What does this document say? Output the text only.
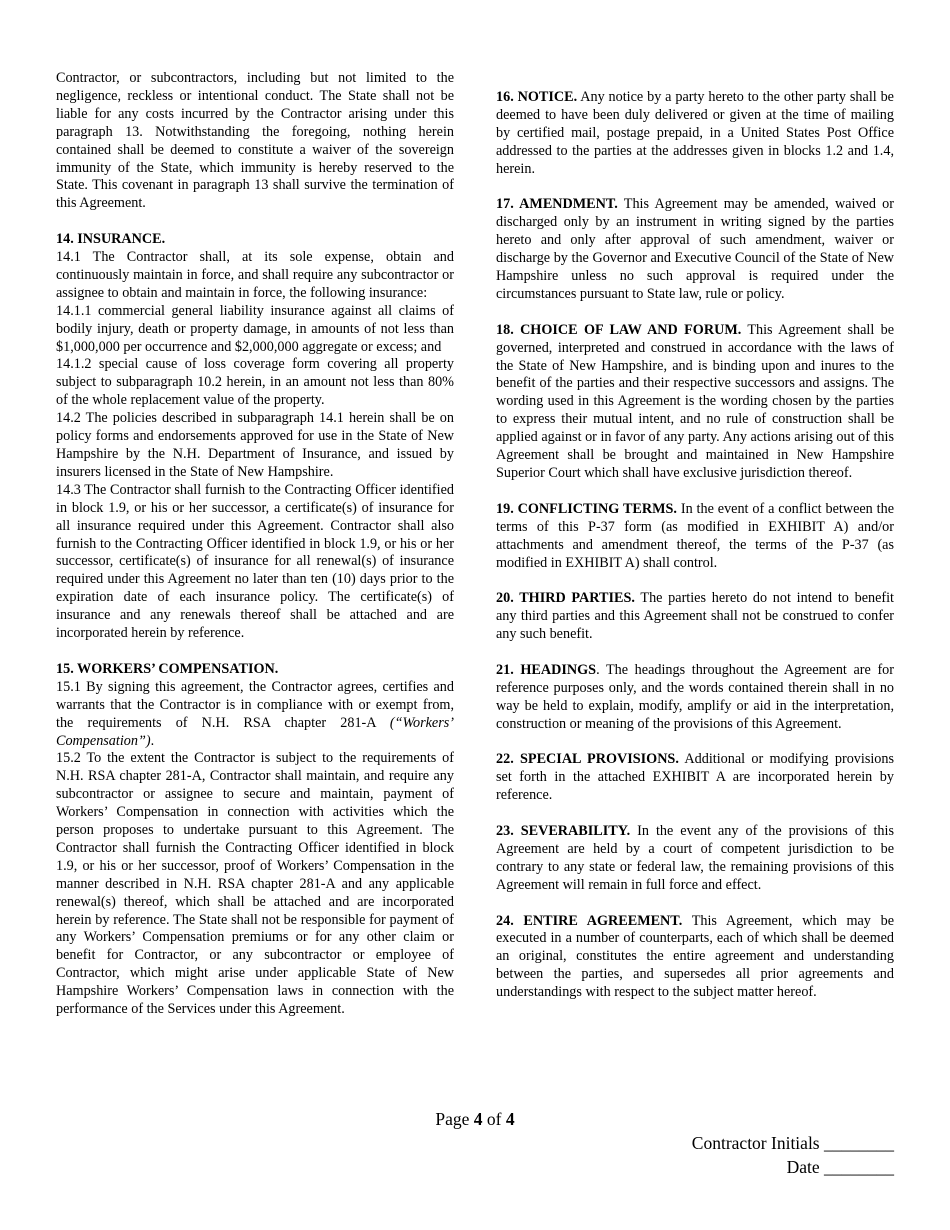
Contractor, or subcontractors, including but not limited to the negligence, reckless or intentional conduct. The State shall not be liable for any costs incurred by the Contractor arising under this paragraph 13. Notwithstanding the foregoing, nothing herein contained shall be deemed to constitute a waiver of the sovereign immunity of the State, which immunity is hereby reserved to the State. This covenant in paragraph 13 shall survive the termination of this Agreement.

14. INSURANCE.

14.1 The Contractor shall, at its sole expense, obtain and continuously maintain in force, and shall require any subcontractor or assignee to obtain and maintain in force, the following insurance:

14.1.1 commercial general liability insurance against all claims of bodily injury, death or property damage, in amounts of not less than $1,000,000 per occurrence and $2,000,000 aggregate or excess; and

14.1.2 special cause of loss coverage form covering all property subject to subparagraph 10.2 herein, in an amount not less than 80% of the whole replacement value of the property.

14.2 The policies described in subparagraph 14.1 herein shall be on policy forms and endorsements approved for use in the State of New Hampshire by the N.H. Department of Insurance, and issued by insurers licensed in the State of New Hampshire.

14.3 The Contractor shall furnish to the Contracting Officer identified in block 1.9, or his or her successor, a certificate(s) of insurance for all insurance required under this Agreement. Contractor shall also furnish to the Contracting Officer identified in block 1.9, or his or her successor, certificate(s) of insurance for all renewal(s) of insurance required under this Agreement no later than ten (10) days prior to the expiration date of each insurance policy. The certificate(s) of insurance and any renewals thereof shall be attached and are incorporated herein by reference.

15. WORKERS’ COMPENSATION.

15.1 By signing this agreement, the Contractor agrees, certifies and warrants that the Contractor is in compliance with or exempt from, the requirements of N.H. RSA chapter 281-A (“Workers’ Compensation”).

15.2 To the extent the Contractor is subject to the requirements of N.H. RSA chapter 281-A, Contractor shall maintain, and require any subcontractor or assignee to secure and maintain, payment of Workers’ Compensation in connection with activities which the person proposes to undertake pursuant to this Agreement. The Contractor shall furnish the Contracting Officer identified in block 1.9, or his or her successor, proof of Workers’ Compensation in the manner described in N.H. RSA chapter 281-A and any applicable renewal(s) thereof, which shall be attached and are incorporated herein by reference. The State shall not be responsible for payment of any Workers’ Compensation premiums or for any other claim or benefit for Contractor, or any subcontractor or employee of Contractor, which might arise under applicable State of New Hampshire Workers’ Compensation laws in connection with the performance of the Services under this Agreement.

16. NOTICE. Any notice by a party hereto to the other party shall be deemed to have been duly delivered or given at the time of mailing by certified mail, postage prepaid, in a United States Post Office addressed to the parties at the addresses given in blocks 1.2 and 1.4, herein.

17. AMENDMENT. This Agreement may be amended, waived or discharged only by an instrument in writing signed by the parties hereto and only after approval of such amendment, waiver or discharge by the Governor and Executive Council of the State of New Hampshire unless no such approval is required under the circumstances pursuant to State law, rule or policy.

18. CHOICE OF LAW AND FORUM. This Agreement shall be governed, interpreted and construed in accordance with the laws of the State of New Hampshire, and is binding upon and inures to the benefit of the parties and their respective successors and assigns. The wording used in this Agreement is the wording chosen by the parties to express their mutual intent, and no rule of construction shall be applied against or in favor of any party. Any actions arising out of this Agreement shall be brought and maintained in New Hampshire Superior Court which shall have exclusive jurisdiction thereof.

19. CONFLICTING TERMS. In the event of a conflict between the terms of this P-37 form (as modified in EXHIBIT A) and/or attachments and amendment thereof, the terms of the P-37 (as modified in EXHIBIT A) shall control.

20. THIRD PARTIES. The parties hereto do not intend to benefit any third parties and this Agreement shall not be construed to confer any such benefit.

21. HEADINGS. The headings throughout the Agreement are for reference purposes only, and the words contained therein shall in no way be held to explain, modify, amplify or aid in the interpretation, construction or meaning of the provisions of this Agreement.

22. SPECIAL PROVISIONS. Additional or modifying provisions set forth in the attached EXHIBIT A are incorporated herein by reference.

23. SEVERABILITY. In the event any of the provisions of this Agreement are held by a court of competent jurisdiction to be contrary to any state or federal law, the remaining provisions of this Agreement will remain in full force and effect.

24. ENTIRE AGREEMENT. This Agreement, which may be executed in a number of counterparts, each of which shall be deemed an original, constitutes the entire agreement and understanding between the parties, and supersedes all prior agreements and understandings with respect to the subject matter hereof.

Page 4 of 4
Contractor Initials ________
Date ________
